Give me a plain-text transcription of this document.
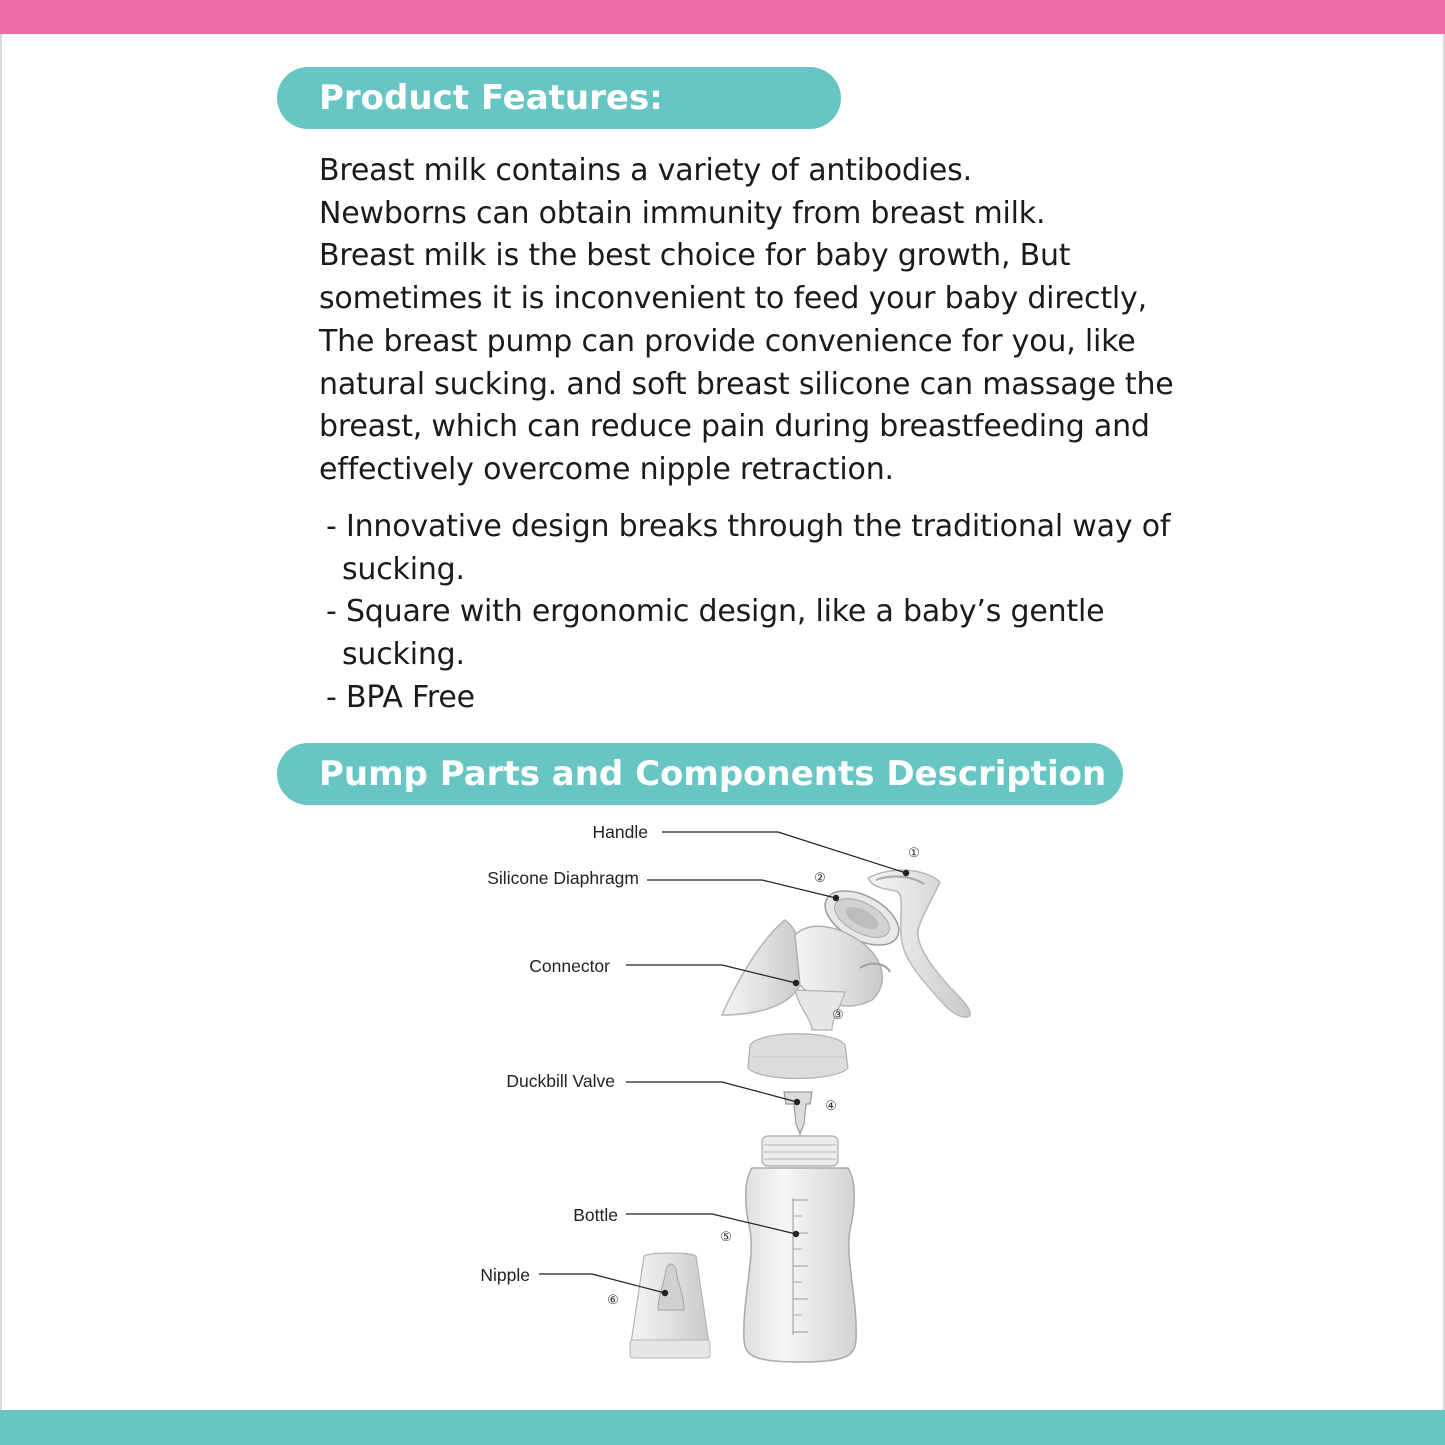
Product Features:

Breast milk contains a variety of antibodies.
Newborns can obtain immunity from breast milk.
Breast milk is the best choice for baby growth, But
sometimes it is inconvenient to feed your baby directly,
The breast pump can provide convenience for you, like
natural sucking. and soft breast silicone can massage the
breast, which can reduce pain during breastfeeding and
effectively overcome nipple retraction.

- Innovative design breaks through the traditional way of sucking.
- Square with ergonomic design, like a baby’s gentle sucking.
- BPA Free
Pump Parts and Components Description
Handle
Silicone Diaphragm
Connector
Duckbill Valve
Bottle
Nipple
①
②
③
④
⑤
⑥
